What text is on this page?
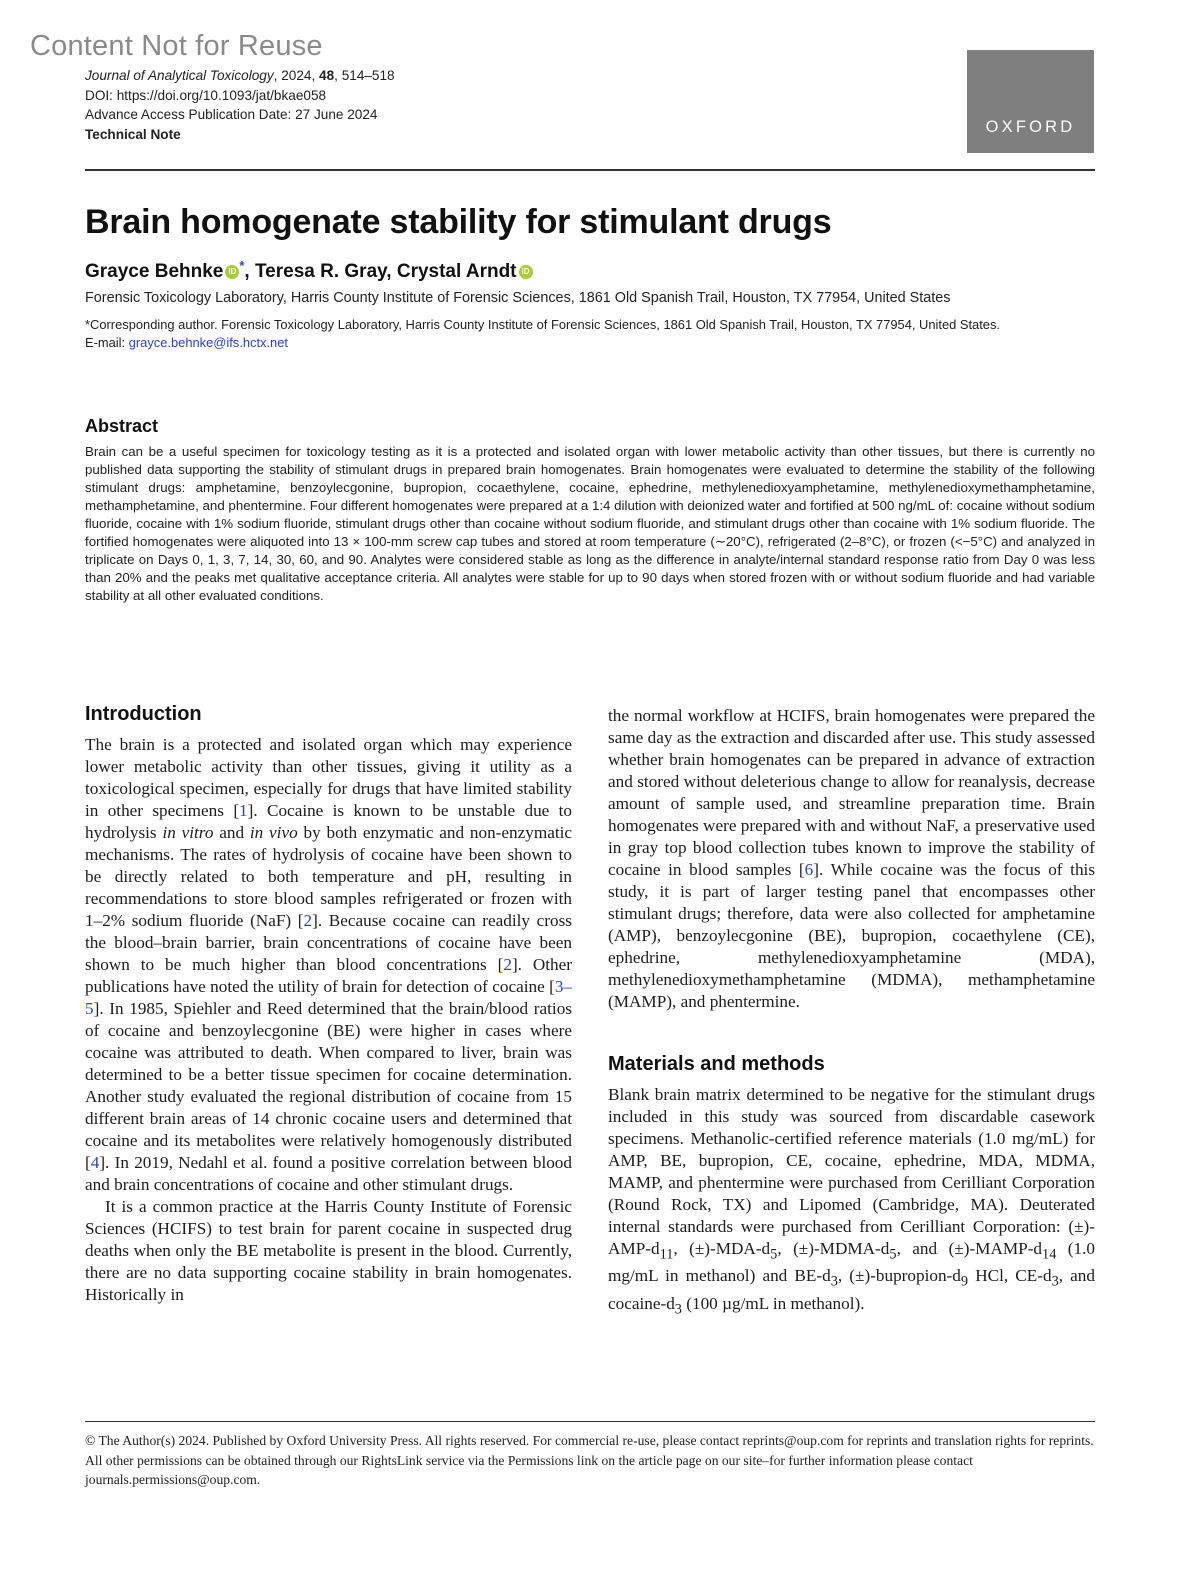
Content Not for Reuse
Journal of Analytical Toxicology, 2024, 48, 514–518
DOI: https://doi.org/10.1093/jat/bkae058
Advance Access Publication Date: 27 June 2024
Technical Note	OXFORD
Brain homogenate stability for stimulant drugs
Grayce Behnke iD *, Teresa R. Gray, Crystal Arndt iD
Forensic Toxicology Laboratory, Harris County Institute of Forensic Sciences, 1861 Old Spanish Trail, Houston, TX 77954, United States
*Corresponding author. Forensic Toxicology Laboratory, Harris County Institute of Forensic Sciences, 1861 Old Spanish Trail, Houston, TX 77954, United States.
E-mail: grayce.behnke@ifs.hctx.net
Abstract
Brain can be a useful specimen for toxicology testing as it is a protected and isolated organ with lower metabolic activity than other tissues, but there is currently no published data supporting the stability of stimulant drugs in prepared brain homogenates. Brain homogenates were evaluated to determine the stability of the following stimulant drugs: amphetamine, benzoylecgonine, bupropion, cocaethylene, cocaine, ephedrine, methylenedioxyamphetamine, methylenedioxymethamphetamine, methamphetamine, and phentermine. Four different homogenates were prepared at a 1:4 dilution with deionized water and fortified at 500 ng/mL of: cocaine without sodium fluoride, cocaine with 1% sodium fluoride, stimulant drugs other than cocaine without sodium fluoride, and stimulant drugs other than cocaine with 1% sodium fluoride. The fortified homogenates were aliquoted into 13 × 100-mm screw cap tubes and stored at room temperature (∼20°C), refrigerated (2–8°C), or frozen (<−5°C) and analyzed in triplicate on Days 0, 1, 3, 7, 14, 30, 60, and 90. Analytes were considered stable as long as the difference in analyte/internal standard response ratio from Day 0 was less than 20% and the peaks met qualitative acceptance criteria. All analytes were stable for up to 90 days when stored frozen with or without sodium fluoride and had variable stability at all other evaluated conditions.
Introduction

The brain is a protected and isolated organ which may experience lower metabolic activity than other tissues, giving it utility as a toxicological specimen, especially for drugs that have limited stability in other specimens [1]. Cocaine is known to be unstable due to hydrolysis in vitro and in vivo by both enzymatic and non-enzymatic mechanisms. The rates of hydrolysis of cocaine have been shown to be directly related to both temperature and pH, resulting in recommendations to store blood samples refrigerated or frozen with 1–2% sodium fluoride (NaF) [2]. Because cocaine can readily cross the blood–brain barrier, brain concentrations of cocaine have been shown to be much higher than blood concentrations [2]. Other publications have noted the utility of brain for detection of cocaine [3–5]. In 1985, Spiehler and Reed determined that the brain/blood ratios of cocaine and benzoylecgonine (BE) were higher in cases where cocaine was attributed to death. When compared to liver, brain was determined to be a better tissue specimen for cocaine determination. Another study evaluated the regional distribution of cocaine from 15 different brain areas of 14 chronic cocaine users and determined that cocaine and its metabolites were relatively homogenously distributed [4]. In 2019, Nedahl et al. found a positive correlation between blood and brain concentrations of cocaine and other stimulant drugs.

It is a common practice at the Harris County Institute of Forensic Sciences (HCIFS) to test brain for parent cocaine in suspected drug deaths when only the BE metabolite is present in the blood. Currently, there are no data supporting cocaine stability in brain homogenates. Historically in

the normal workflow at HCIFS, brain homogenates were prepared the same day as the extraction and discarded after use. This study assessed whether brain homogenates can be prepared in advance of extraction and stored without deleterious change to allow for reanalysis, decrease amount of sample used, and streamline preparation time. Brain homogenates were prepared with and without NaF, a preservative used in gray top blood collection tubes known to improve the stability of cocaine in blood samples [6]. While cocaine was the focus of this study, it is part of larger testing panel that encompasses other stimulant drugs; therefore, data were also collected for amphetamine (AMP), benzoylecgonine (BE), bupropion, cocaethylene (CE), ephedrine, methylenedioxyamphetamine (MDA), methylenedioxymethamphetamine (MDMA), methamphetamine (MAMP), and phentermine.

Materials and methods

Blank brain matrix determined to be negative for the stimulant drugs included in this study was sourced from discardable casework specimens. Methanolic-certified reference materials (1.0 mg/mL) for AMP, BE, bupropion, CE, cocaine, ephedrine, MDA, MDMA, MAMP, and phentermine were purchased from Cerilliant Corporation (Round Rock, TX) and Lipomed (Cambridge, MA). Deuterated internal standards were purchased from Cerilliant Corporation: $(\pm)-AMP-d_{11}$, $(\pm)-MDA-d_5$, $(\pm)-MDMA-d_5$, and $(\pm)-MAMP-d_{14}$ (1.0 mg/mL in methanol) and $BE-d_3$, $(\pm)-bupropion-d_9$ HCl, $CE-d_3$, and cocaine-$d_3$ (100 µg/mL in methanol).

© The Author(s) 2024. Published by Oxford University Press. All rights reserved. For commercial re-use, please contact reprints@oup.com for reprints and translation rights for reprints. All other permissions can be obtained through our RightsLink service via the Permissions link on the article page on our site–for further information please contact journals.permissions@oup.com.
